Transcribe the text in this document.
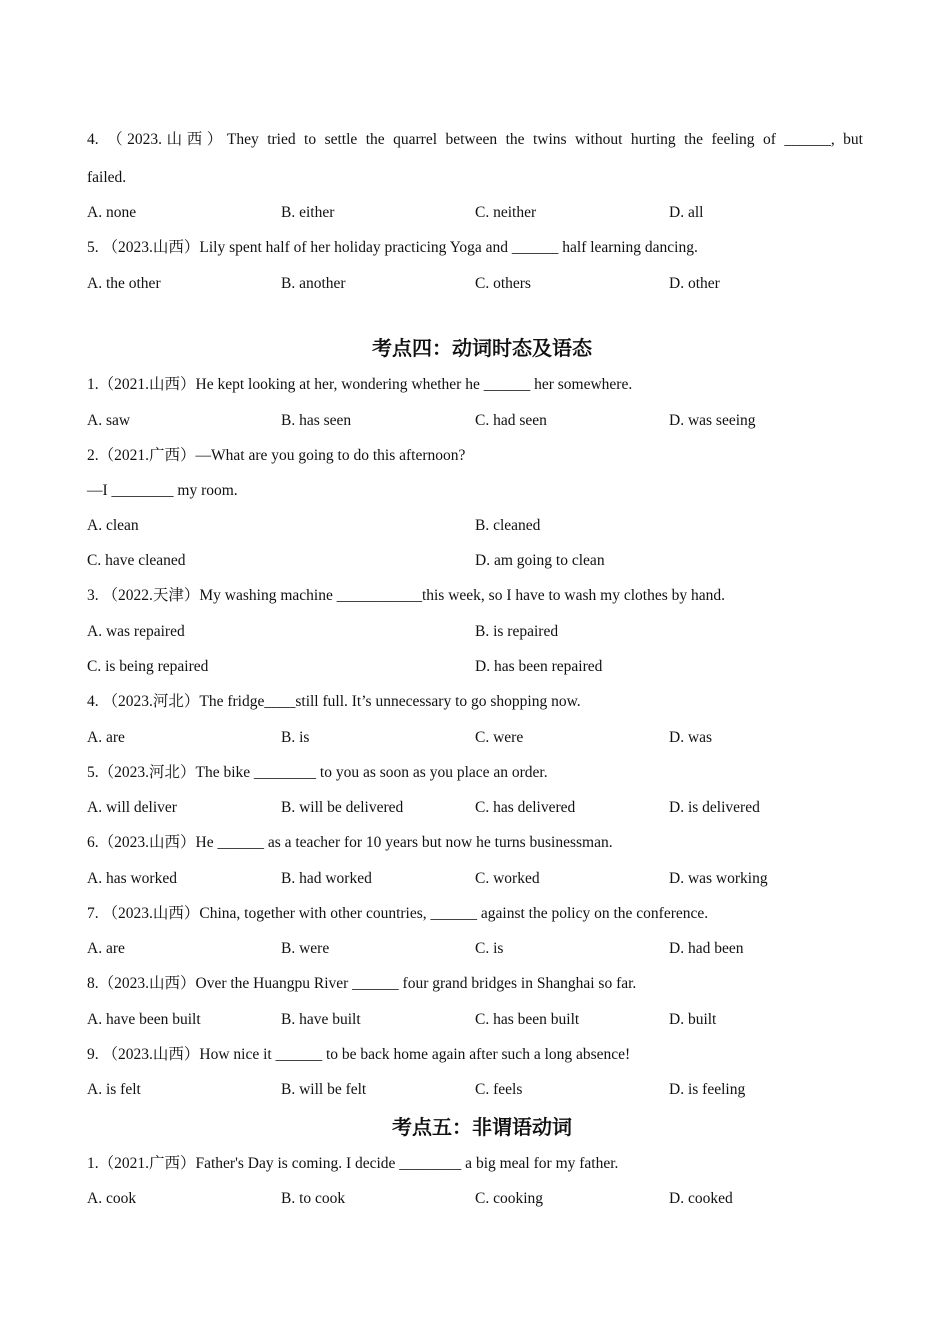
4. （2023.山西）They tried to settle the quarrel between the twins without hurting the feeling of ______, but
failed.
A. none	B. either	C. neither	D. all
5. （2023.山西）Lily spent half of her holiday practicing Yoga and ______ half learning dancing.
A. the other	B. another	C. others	D. other
考点四：动词时态及语态
1.（2021.山西）He kept looking at her, wondering whether he ______ her somewhere.
A. saw	B. has seen	C. had seen	D. was seeing
2.（2021.广西）—What are you going to do this afternoon?
—I ________ my room.
A. clean	B. cleaned
C. have cleaned	D. am going to clean
3. （2022.天津）My washing machine ___________this week, so I have to wash my clothes by hand.
A. was repaired	B. is repaired
C. is being repaired	D. has been repaired
4. （2023.河北）The fridge____still full. It’s unnecessary to go shopping now.
A. are	B. is	C. were	D. was
5.（2023.河北）The bike ________ to you as soon as you place an order.
A. will deliver	B. will be delivered	C. has delivered	D. is delivered
6.（2023.山西）He ______ as a teacher for 10 years but now he turns businessman.
A. has worked	B. had worked	C. worked	D. was working
7. （2023.山西）China, together with other countries, ______ against the policy on the conference.
A. are	B. were	C. is	D. had been
8.（2023.山西）Over the Huangpu River ______ four grand bridges in Shanghai so far.
A. have been built	B. have built	C. has been built	D. built
9. （2023.山西）How nice it ______ to be back home again after such a long absence!
A. is felt	B. will be felt	C. feels	D. is feeling
考点五：非谓语动词
1.（2021.广西）Father's Day is coming. I decide ________ a big meal for my father.
A. cook	B. to cook	C. cooking	D. cooked
